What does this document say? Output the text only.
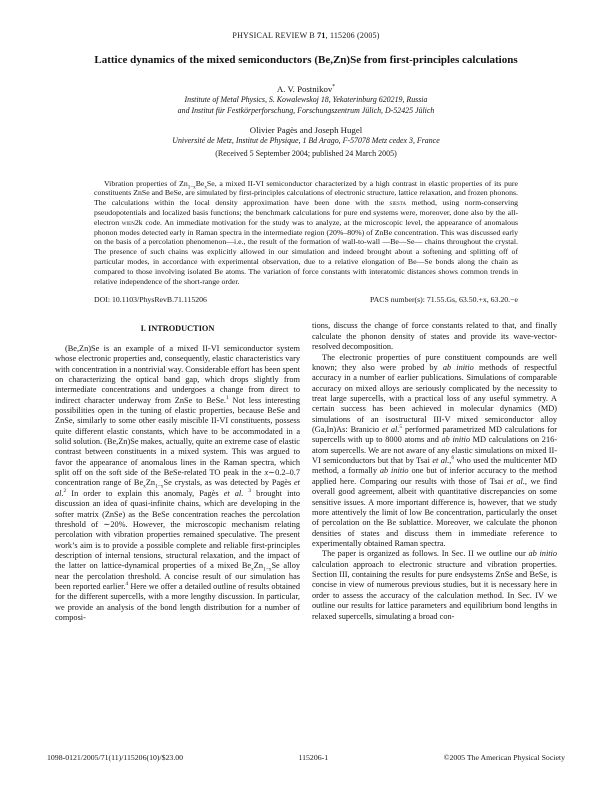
PHYSICAL REVIEW B 71, 115206 (2005)
Lattice dynamics of the mixed semiconductors (Be,Zn)Se from first-principles calculations
A. V. Postnikov*
Institute of Metal Physics, S. Kowalewskoj 18, Yekaterinburg 620219, Russia
and Institut für Festkörperforschung, Forschungszentrum Jülich, D-52425 Jülich
Olivier Pagès and Joseph Hugel
Université de Metz, Institut de Physique, 1 Bd Arago, F-57078 Metz cedex 3, France
(Received 5 September 2004; published 24 March 2005)

Vibration properties of $Zn_{1-x}Be_xSe$, a mixed II-VI semiconductor characterized by a high contrast in elastic properties of its pure constituents ZnSe and BeSe, are simulated by first-principles calculations of electronic structure, lattice relaxation, and frozen phonons. The calculations within the local density approximation have been done with the siesta method, using norm-conserving pseudopotentials and localized basis functions; the benchmark calculations for pure end systems were, moreover, done also by the all-electron wien2k code. An immediate motivation for the study was to analyze, at the microscopic level, the appearance of anomalous phonon modes detected early in Raman spectra in the intermediate region (20%–80%) of ZnBe concentration. This was discussed early on the basis of a percolation phenomenon—i.e., the result of the formation of wall-to-wall —Be—Se— chains throughout the crystal. The presence of such chains was explicitly allowed in our simulation and indeed brought about a softening and splitting off of particular modes, in accordance with experimental observation, due to a relative elongation of Be—Se bonds along the chain as compared to those involving isolated Be atoms. The variation of force constants with interatomic distances shows common trends in relative independence of the short-range order.

DOI: 10.1103/PhysRevB.71.115206	PACS number(s): 71.55.Gs, 63.50.+x, 63.20.−e
I. INTRODUCTION

(Be,Zn)Se is an example of a mixed II-VI semiconductor system whose electronic properties and, consequently, elastic characteristics vary with concentration in a nontrivial way. Considerable effort has been spent on characterizing the optical band gap, which drops slightly from intermediate concentrations and undergoes a change from direct to indirect character underway from ZnSe to BeSe.$^1$ Not less interesting possibilities open in the tuning of elastic properties, because BeSe and ZnSe, similarly to some other easily miscible II-VI constituents, possess quite different elastic constants, which have to be accommodated in a solid solution. (Be,Zn)Se makes, actually, quite an extreme case of elastic contrast between constituents in a mixed system. This was argued to favor the appearance of anomalous lines in the Raman spectra, which split off on the soft side of the BeSe-related TO peak in the x∼0.2–0.7 concentration range of $Be_xZn_{1-x}Se$ crystals, as was detected by Pagès et al.$^2$ In order to explain this anomaly, Pagès et al. $^3$ brought into discussion an idea of quasi-infinite chains, which are developing in the softer matrix (ZnSe) as the BeSe concentration reaches the percolation threshold of ∼20%. However, the microscopic mechanism relating percolation with vibration properties remained speculative. The present work’s aim is to provide a possible complete and reliable first-principles description of internal tensions, structural relaxation, and the impact of the latter on lattice-dynamical properties of a mixed $Be_xZn_{1-x}Se$ alloy near the percolation threshold. A concise result of our simulation has been reported earlier.$^4$ Here we offer a detailed outline of results obtained for the different supercells, with a more lengthy discussion. In particular, we provide an analysis of the bond length distribution for a number of composi-

tions, discuss the change of force constants related to that, and finally calculate the phonon density of states and provide its wave-vector-resolved decomposition.

The electronic properties of pure constituent compounds are well known; they also were probed by ab initio methods of respectful accuracy in a number of earlier publications. Simulations of comparable accuracy on mixed alloys are seriously complicated by the necessity to treat large supercells, with a practical loss of any useful symmetry. A certain success has been achieved in molecular dynamics (MD) simulations of an isostructural III-V mixed semiconductor alloy (Ga,In)As: Branicio et al.$^5$ performed parametrized MD calculations for supercells with up to 8000 atoms and ab initio MD calculations on 216-atom supercells. We are not aware of any elastic simulations on mixed II-VI semiconductors but that by Tsai et al.,$^6$ who used the multicenter MD method, a formally ab initio one but of inferior accuracy to the method applied here. Comparing our results with those of Tsai et al., we find overall good agreement, albeit with quantitative discrepancies on some sensitive issues. A more important difference is, however, that we study more attentively the limit of low Be concentration, particularly the onset of percolation on the Be sublattice. Moreover, we calculate the phonon densities of states and discuss them in immediate reference to experimentally obtained Raman spectra.

The paper is organized as follows. In Sec. II we outline our ab initio calculation approach to electronic structure and vibration properties. Section III, containing the results for pure endsystems ZnSe and BeSe, is concise in view of numerous previous studies, but it is necessary here in order to assess the accuracy of the calculation method. In Sec. IV we outline our results for lattice parameters and equilibrium bond lengths in relaxed supercells, simulating a broad con-

1098-0121/2005/71(11)/115206(10)/$23.00	115206-1	©2005 The American Physical Society
